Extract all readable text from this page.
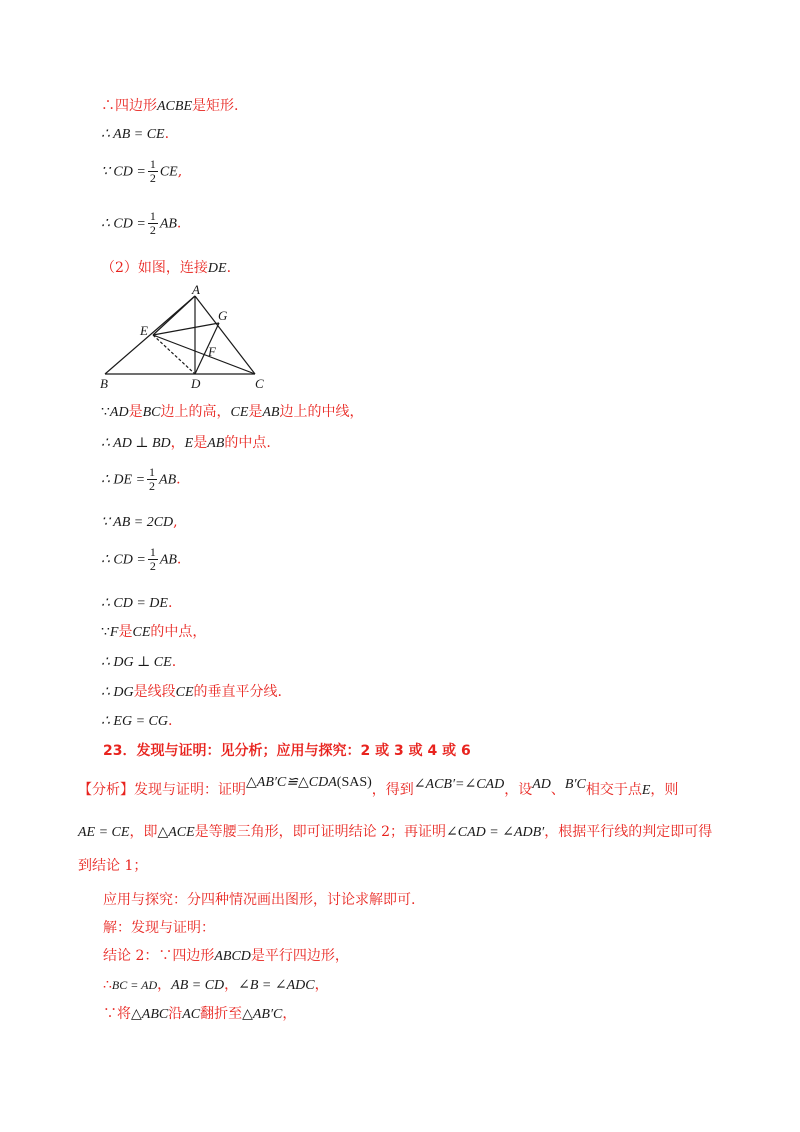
∴四边形ACBE是矩形.
∴ AB = CE.
∵ CD = $\frac{1}{2}$ CE,
∴ CD = $\frac{1}{2}$ AB.
（2）如图，连接DE.
A
G
E
F
B	D	C
∵AD是BC边上的高，CE是AB边上的中线，
∴ AD ⊥ BD，E是AB的中点.
∴ DE = $\frac{1}{2}$ AB.
∵ AB = 2CD,
∴ CD = $\frac{1}{2}$ AB.
∴ CD = DE.
∵F是CE的中点，
∴ DG ⊥ CE.
∴ DG是线段CE的垂直平分线.
∴ EG = CG.
23．发现与证明：见分析；应用与探究：2 或 3 或 4 或 6
【分析】发现与证明：证明△AB′C≌△CDA(SAS)，得到∠ACB′=∠CAD，设AD、B′C相交于点E，则
AE = CE，即△ACE是等腰三角形，即可证明结论 2；再证明∠CAD = ∠ADB′，根据平行线的判定即可得
到结论 1；
应用与探究：分四种情况画出图形，讨论求解即可.
解：发现与证明：
结论 2：∵四边形ABCD是平行四边形，
∴BC = AD，AB = CD，∠B = ∠ADC，
∵将△ABC沿AC翻折至△AB′C，
